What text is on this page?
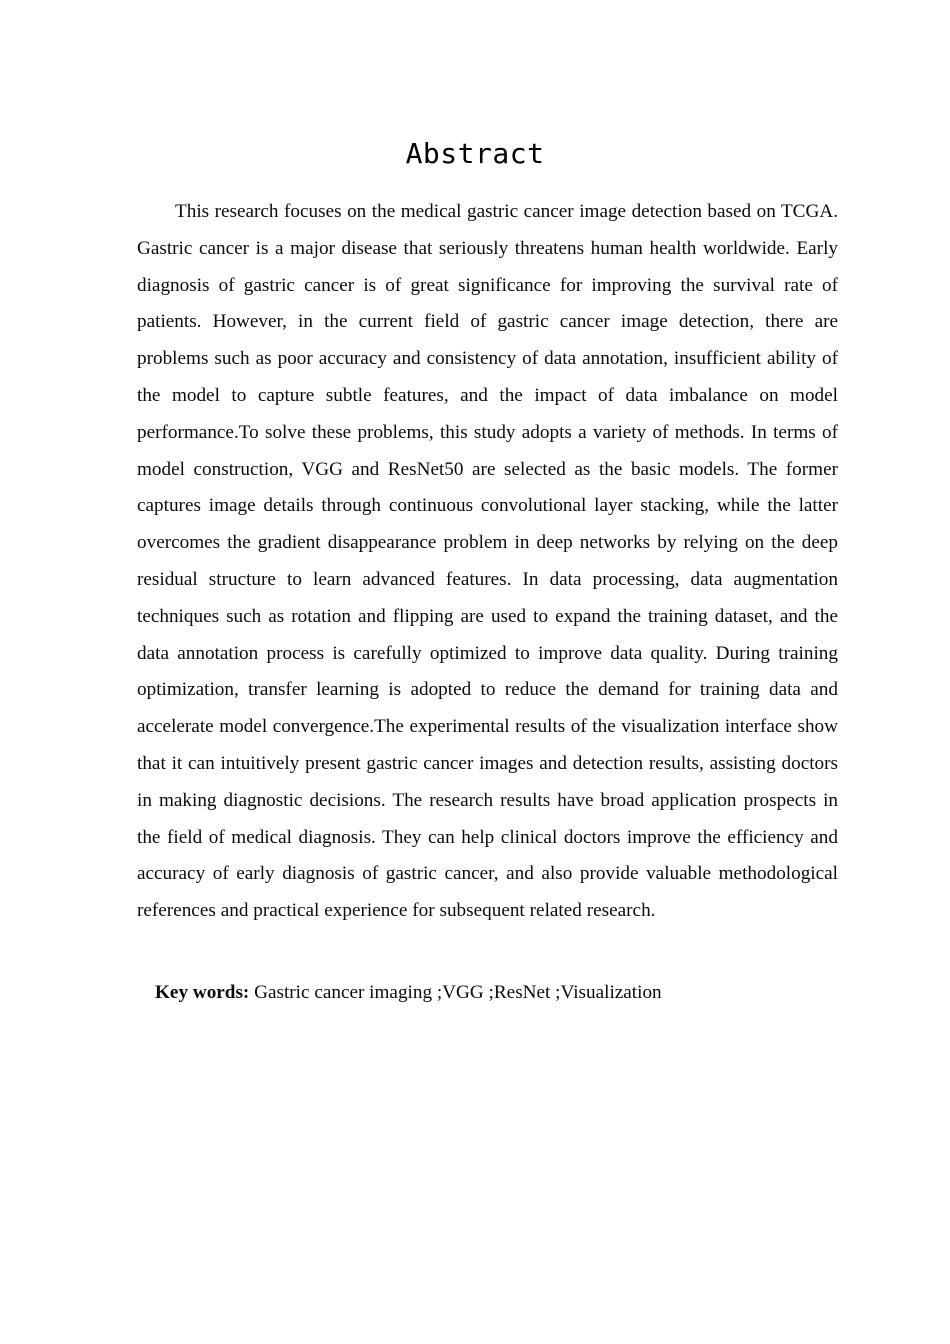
Abstract

This research focuses on the medical gastric cancer image detection based on TCGA. Gastric cancer is a major disease that seriously threatens human health worldwide. Early diagnosis of gastric cancer is of great significance for improving the survival rate of patients. However, in the current field of gastric cancer image detection, there are problems such as poor accuracy and consistency of data annotation, insufficient ability of the model to capture subtle features, and the impact of data imbalance on model performance.To solve these problems, this study adopts a variety of methods. In terms of model construction, VGG and ResNet50 are selected as the basic models. The former captures image details through continuous convolutional layer stacking, while the latter overcomes the gradient disappearance problem in deep networks by relying on the deep residual structure to learn advanced features. In data processing, data augmentation techniques such as rotation and flipping are used to expand the training dataset, and the data annotation process is carefully optimized to improve data quality. During training optimization, transfer learning is adopted to reduce the demand for training data and accelerate model convergence.The experimental results of the visualization interface show that it can intuitively present gastric cancer images and detection results, assisting doctors in making diagnostic decisions. The research results have broad application prospects in the field of medical diagnosis. They can help clinical doctors improve the efficiency and accuracy of early diagnosis of gastric cancer, and also provide valuable methodological references and practical experience for subsequent related research.

Key words: Gastric cancer imaging ;VGG ;ResNet ;Visualization
